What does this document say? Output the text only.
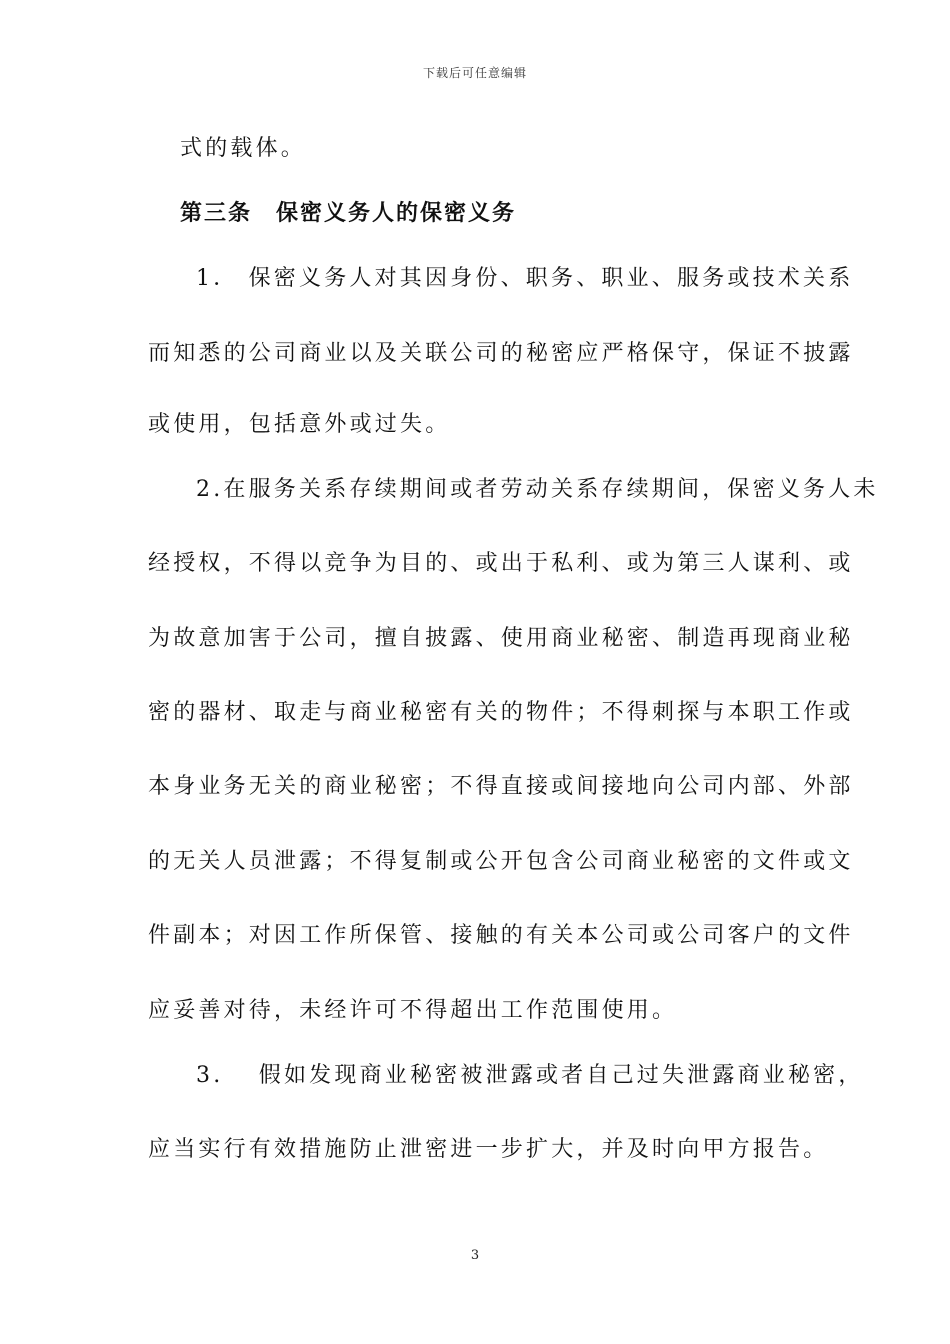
下载后可任意编辑
式的载体。
第三条　保密义务人的保密义务
1． 保密义务人对其因身份、职务、职业、服务或技术关系
而知悉的公司商业以及关联公司的秘密应严格保守，保证不披露
或使用，包括意外或过失。
2.在服务关系存续期间或者劳动关系存续期间，保密义务人未
经授权，不得以竞争为目的、或出于私利、或为第三人谋利、或
为故意加害于公司，擅自披露、使用商业秘密、制造再现商业秘
密的器材、取走与商业秘密有关的物件；不得刺探与本职工作或
本身业务无关的商业秘密；不得直接或间接地向公司内部、外部
的无关人员泄露；不得复制或公开包含公司商业秘密的文件或文
件副本；对因工作所保管、接触的有关本公司或公司客户的文件
应妥善对待，未经许可不得超出工作范围使用。
3.　 假如发现商业秘密被泄露或者自己过失泄露商业秘密，
应当实行有效措施防止泄密进一步扩大，并及时向甲方报告。
3
